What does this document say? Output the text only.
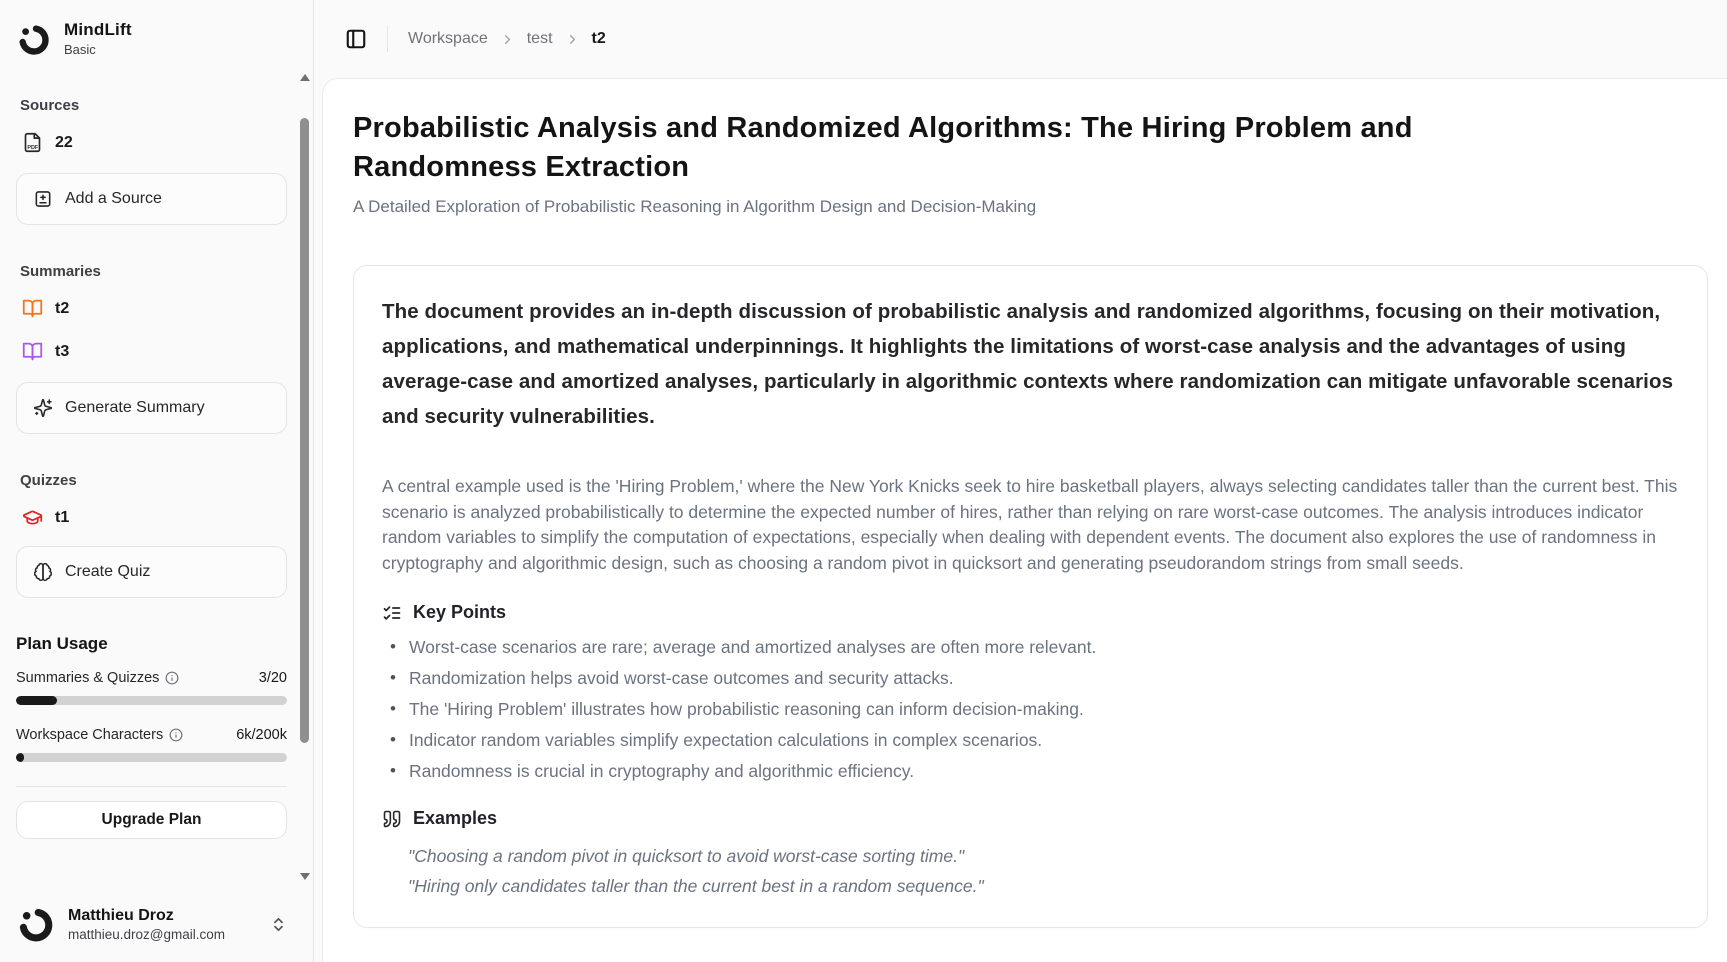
MindLift
Basic
Sources
PDF 22
Add a Source
Summaries
t2
t3
Generate Summary
Quizzes
t1
Create Quiz
Plan Usage
Summaries & Quizzes	3/20
Workspace Characters	6k/200k
Upgrade Plan
Matthieu Droz
matthieu.droz@gmail.com
Workspace test t2
Probabilistic Analysis and Randomized Algorithms: The Hiring Problem and Randomness Extraction
A Detailed Exploration of Probabilistic Reasoning in Algorithm Design and Decision-Making

The document provides an in-depth discussion of probabilistic analysis and randomized algorithms, focusing on their motivation, applications, and mathematical underpinnings. It highlights the limitations of worst-case analysis and the advantages of using average-case and amortized analyses, particularly in algorithmic contexts where randomization can mitigate unfavorable scenarios and security vulnerabilities.

A central example used is the 'Hiring Problem,' where the New York Knicks seek to hire basketball players, always selecting candidates taller than the current best. This scenario is analyzed probabilistically to determine the expected number of hires, rather than relying on rare worst-case outcomes. The analysis introduces indicator random variables to simplify the computation of expectations, especially when dealing with dependent events. The document also explores the use of randomness in cryptography and algorithmic design, such as choosing a random pivot in quicksort and generating pseudorandom strings from small seeds.

Key Points
• Worst-case scenarios are rare; average and amortized analyses are often more relevant.
• Randomization helps avoid worst-case outcomes and security attacks.
• The 'Hiring Problem' illustrates how probabilistic reasoning can inform decision-making.
• Indicator random variables simplify expectation calculations in complex scenarios.
• Randomness is crucial in cryptography and algorithmic efficiency.
Examples
"Choosing a random pivot in quicksort to avoid worst-case sorting time."
"Hiring only candidates taller than the current best in a random sequence."
